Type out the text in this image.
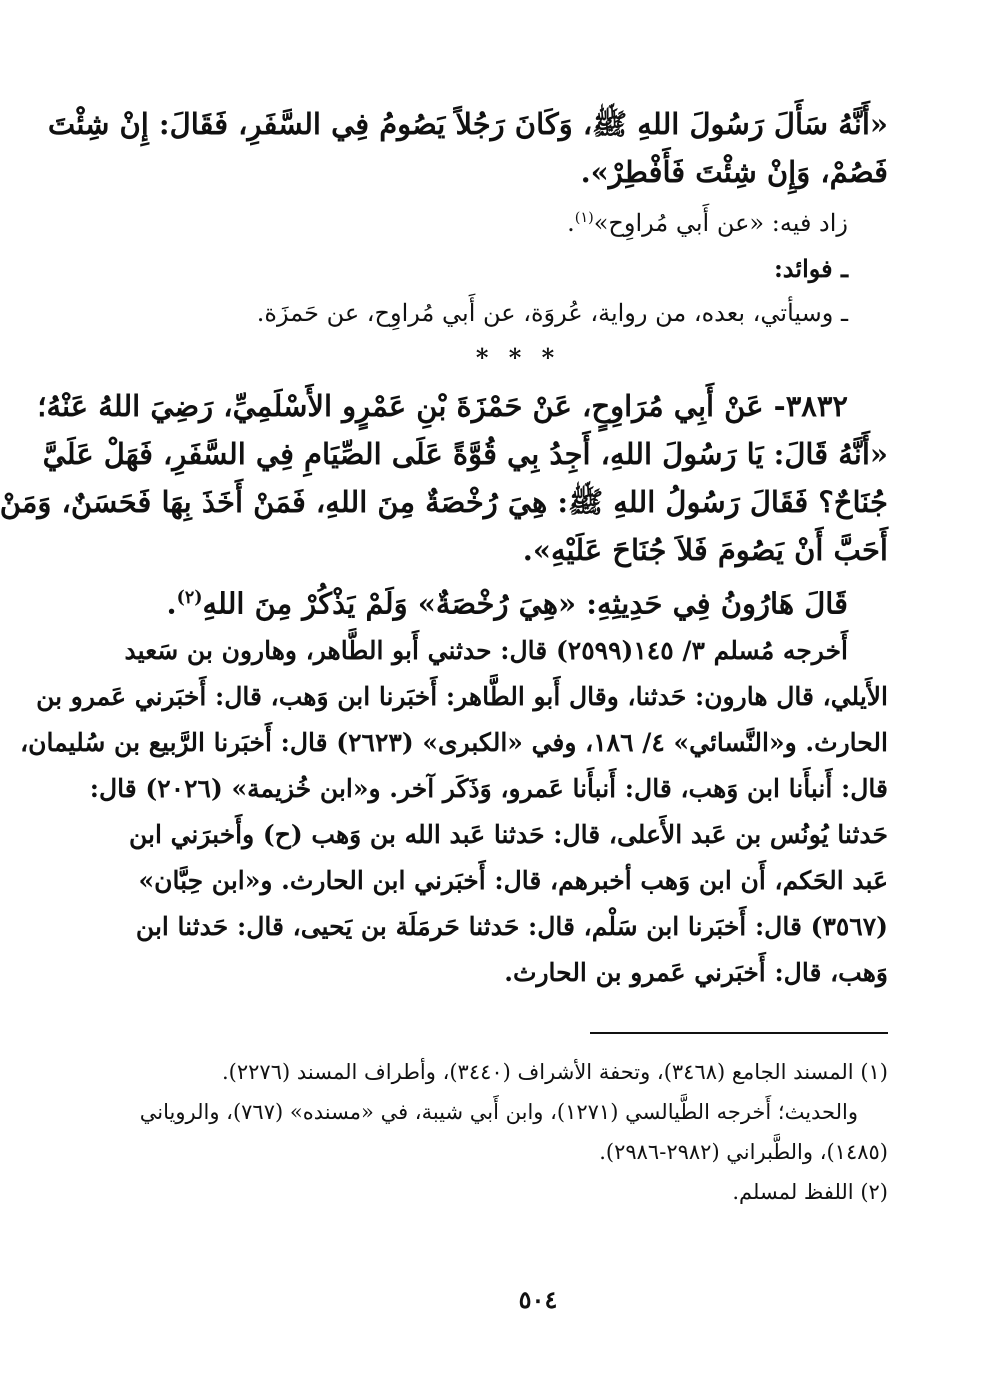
«أَنَّهُ سَأَلَ رَسُولَ اللهِ ﷺ، وَكَانَ رَجُلاً يَصُومُ فِي السَّفَرِ، فَقَالَ: إِنْ شِئْتَ
فَصُمْ، وَإِنْ شِئْتَ فَأَفْطِرْ».
زاد فيه: «عن أَبي مُراوِح»$^{(١)}$.
ـ فوائد:
ـ وسيأتي، بعده، من رواية، عُروَة، عن أَبي مُراوِح، عن حَمزَة.
* * *
٣٨٣٢- عَنْ أَبِي مُرَاوِحٍ، عَنْ حَمْزَةَ بْنِ عَمْرٍو الأَسْلَمِيِّ، رَضِيَ اللهُ عَنْهُ؛
«أَنَّهُ قَالَ: يَا رَسُولَ اللهِ، أَجِدُ بِي قُوَّةً عَلَى الصِّيَامِ فِي السَّفَرِ، فَهَلْ عَلَيَّ
جُنَاحٌ؟ فَقَالَ رَسُولُ اللهِ ﷺ: هِيَ رُخْصَةٌ مِنَ اللهِ، فَمَنْ أَخَذَ بِهَا فَحَسَنٌ، وَمَنْ
أَحَبَّ أَنْ يَصُومَ فَلاَ جُنَاحَ عَلَيْهِ».
قَالَ هَارُونُ فِي حَدِيثِهِ: «هِيَ رُخْصَةٌ» وَلَمْ يَذْكُرْ مِنَ اللهِ$^{(٢)}$.
أَخرجه مُسلم ٣/ ١٤٥(٢٥٩٩) قال: حدثني أَبو الطَّاهر، وهارون بن سَعيد
الأَيلي، قال هارون: حَدثنا، وقال أَبو الطَّاهر: أَخبَرنا ابن وَهب، قال: أَخبَرني عَمرو بن
الحارث. و«النَّسائي» ٤/ ١٨٦، وفي «الكبرى» (٢٦٢٣) قال: أَخبَرنا الرَّبيع بن سُليمان،
قال: أَنبأَنا ابن وَهب، قال: أَنبأَنا عَمرو، وَذَكَر آخر. و«ابن خُزيمة» (٢٠٢٦) قال:
حَدثنا يُونُس بن عَبد الأَعلى، قال: حَدثنا عَبد الله بن وَهب (ح) وأَخبرَني ابن
عَبد الحَكم، أَن ابن وَهب أخبرهم، قال: أَخبَرني ابن الحارث. و«ابن حِبَّان»
(٣٥٦٧) قال: أَخبَرنا ابن سَلْم، قال: حَدثنا حَرمَلَة بن يَحيى، قال: حَدثنا ابن
وَهب، قال: أَخبَرني عَمرو بن الحارث.
(١) المسند الجامع (٣٤٦٨)، وتحفة الأشراف (٣٤٤٠)، وأطراف المسند (٢٢٧٦).
والحديث؛ أَخرجه الطَّيالسي (١٢٧١)، وابن أَبي شيبة، في «مسنده» (٧٦٧)، والروياني
(١٤٨٥)، والطَّبراني (٢٩٨٢-٢٩٨٦).
(٢) اللفظ لمسلم.
٥٠٤
